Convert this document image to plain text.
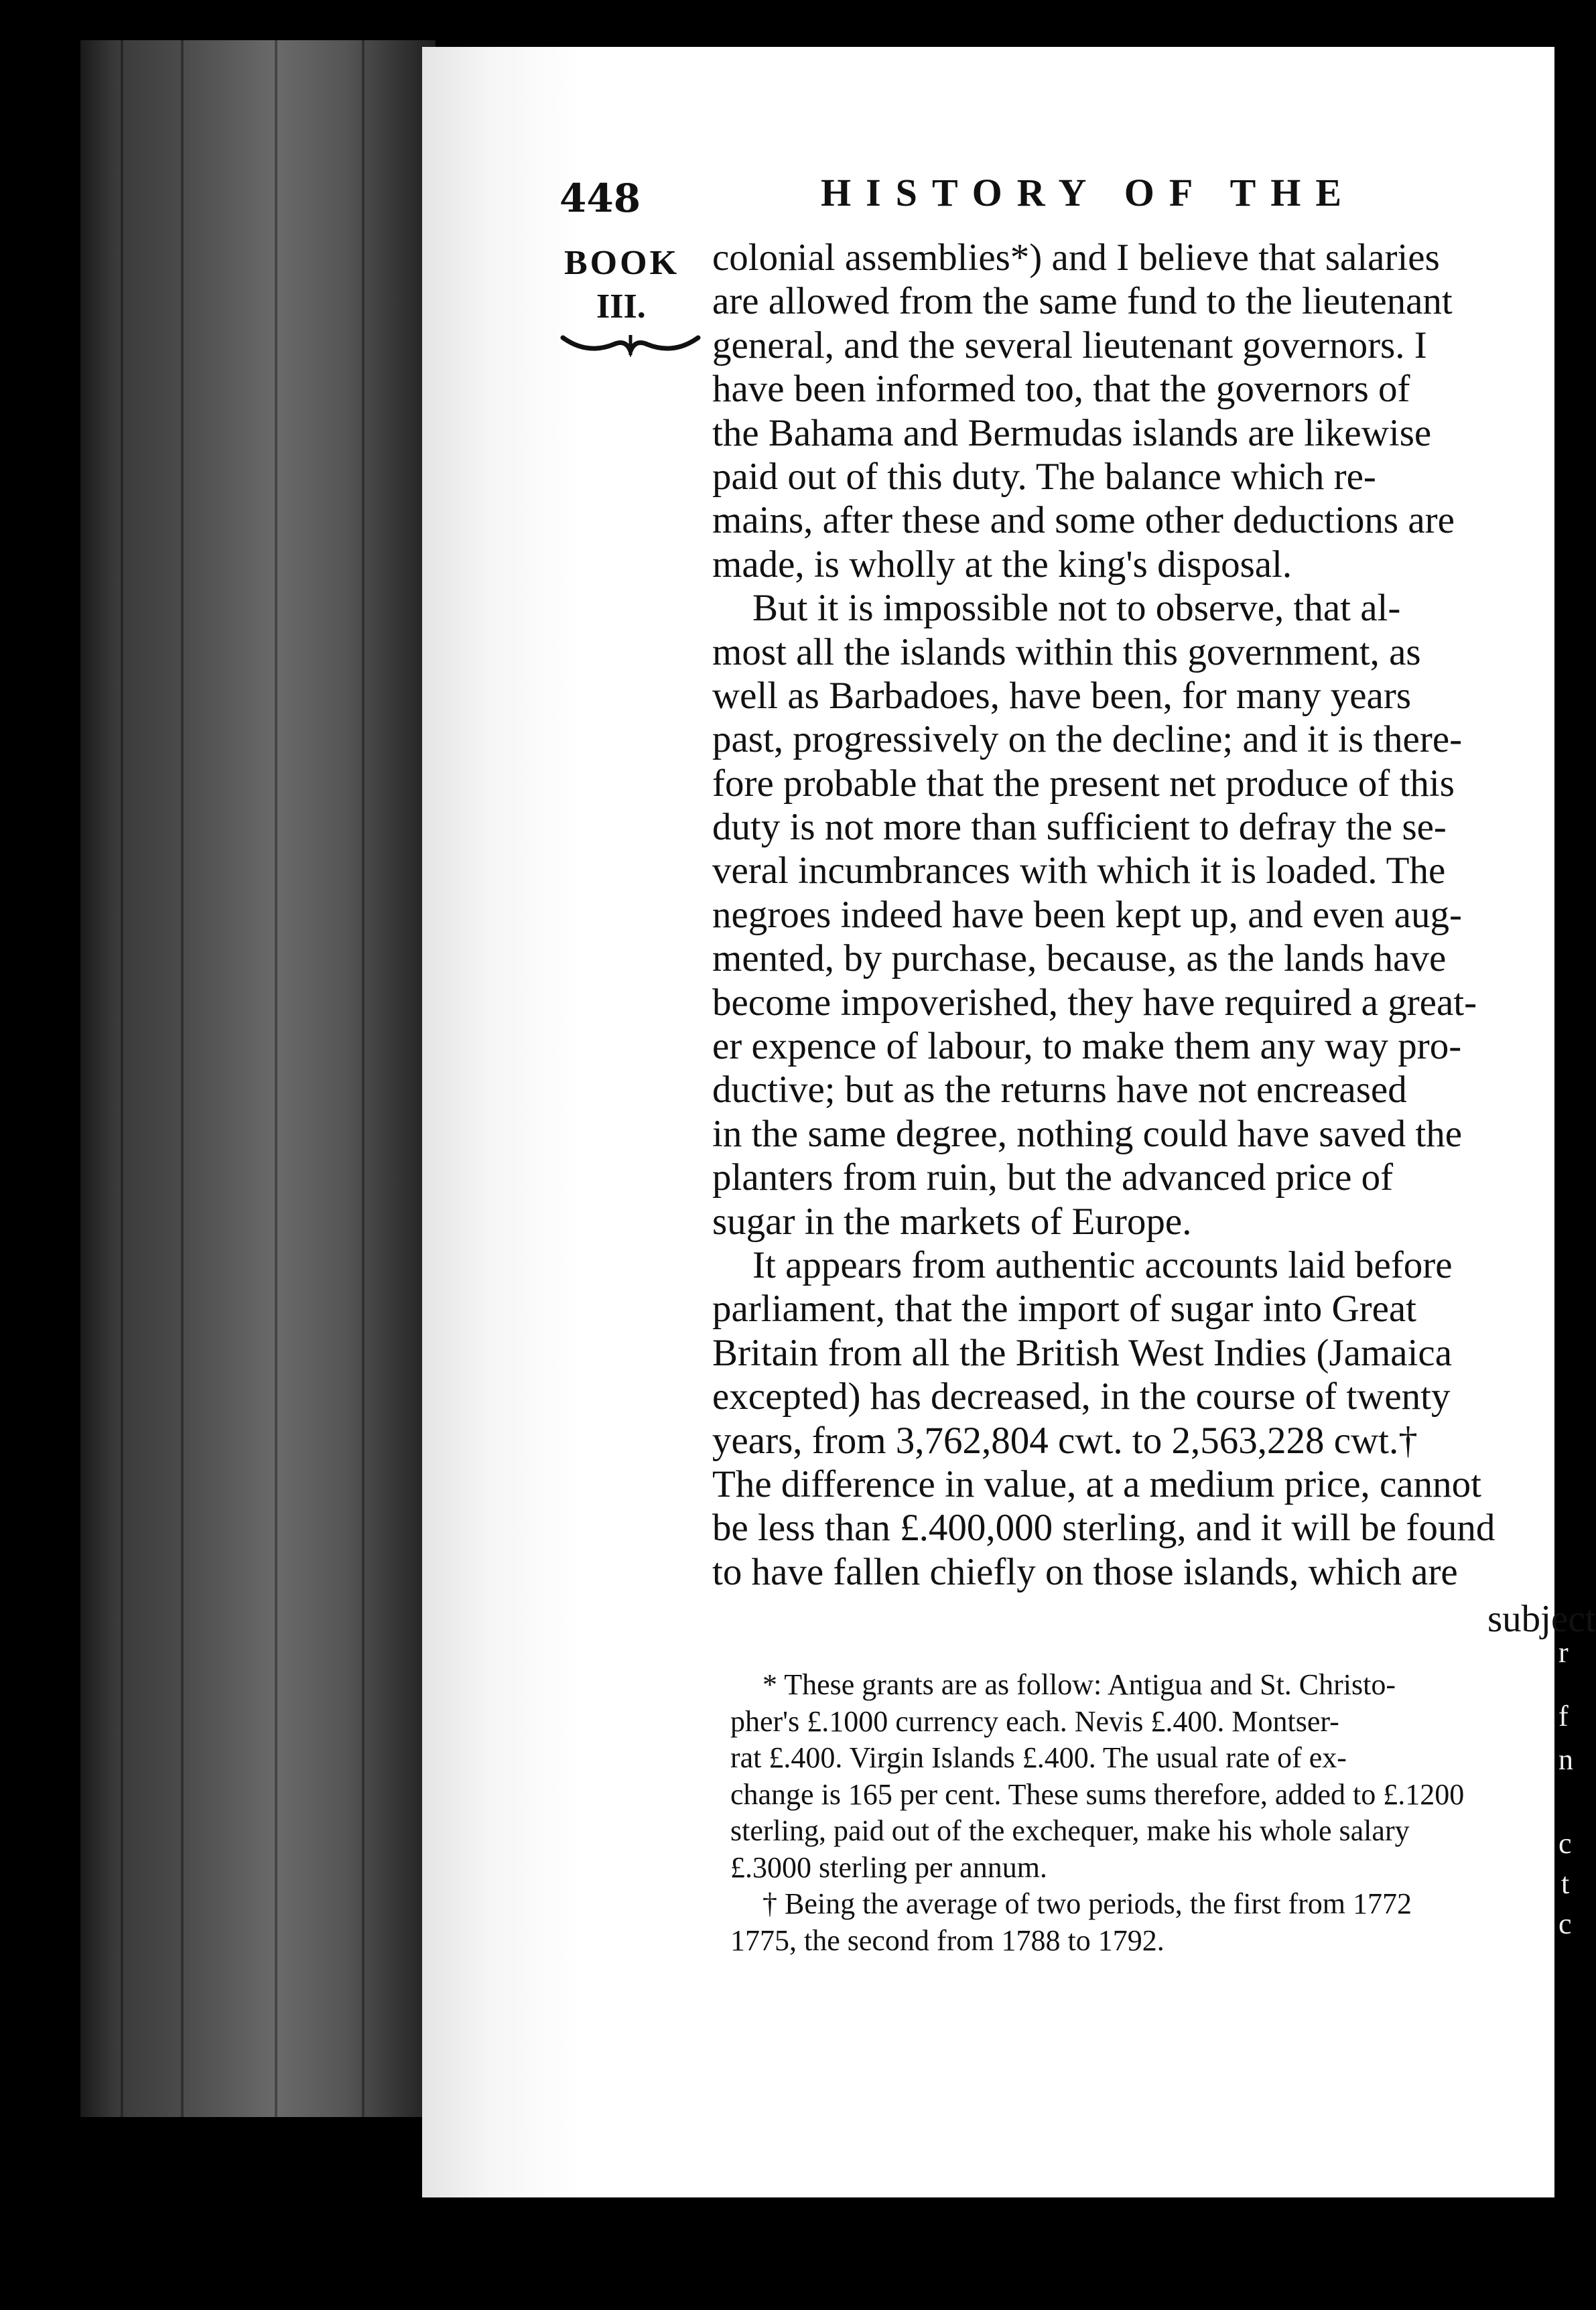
r
f
n
c
t
c
448	HISTORY OF THE
BOOK
III.
colonial assemblies*) and I believe that salaries
are allowed from the same fund to the lieutenant
general, and the several lieutenant governors. I
have been informed too, that the governors of
the Bahama and Bermudas islands are likewise
paid out of this duty. The balance which re-
mains, after these and some other deductions are
made, is wholly at the king's disposal.
But it is impossible not to observe, that al-
most all the islands within this government, as
well as Barbadoes, have been, for many years
past, progressively on the decline; and it is there-
fore probable that the present net produce of this
duty is not more than sufficient to defray the se-
veral incumbrances with which it is loaded. The
negroes indeed have been kept up, and even aug-
mented, by purchase, because, as the lands have
become impoverished, they have required a great-
er expence of labour, to make them any way pro-
ductive; but as the returns have not encreased
in the same degree, nothing could have saved the
planters from ruin, but the advanced price of
sugar in the markets of Europe.
It appears from authentic accounts laid before
parliament, that the import of sugar into Great
Britain from all the British West Indies (Jamaica
excepted) has decreased, in the course of twenty
years, from 3,762,804 cwt. to 2,563,228 cwt.†
The difference in value, at a medium price, cannot
be less than £.400,000 sterling, and it will be found
to have fallen chiefly on those islands, which are
subject
* These grants are as follow: Antigua and St. Christo-
pher's £.1000 currency each. Nevis £.400. Montser-
rat £.400. Virgin Islands £.400. The usual rate of ex-
change is 165 per cent. These sums therefore, added to £.1200
sterling, paid out of the exchequer, make his whole salary
£.3000 sterling per annum.
† Being the average of two periods, the first from 1772
1775, the second from 1788 to 1792.
